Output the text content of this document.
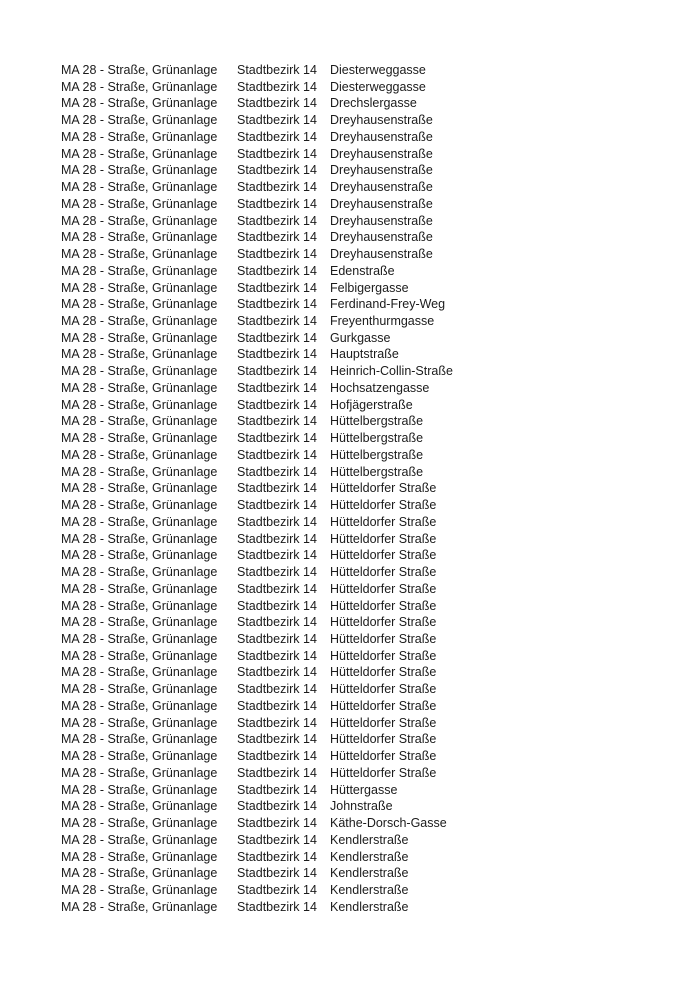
MA 28 - Straße, Grünanlage	Stadtbezirk 14	Diesterweggasse
MA 28 - Straße, Grünanlage	Stadtbezirk 14	Diesterweggasse
MA 28 - Straße, Grünanlage	Stadtbezirk 14	Drechslergasse
MA 28 - Straße, Grünanlage	Stadtbezirk 14	Dreyhausenstraße
MA 28 - Straße, Grünanlage	Stadtbezirk 14	Dreyhausenstraße
MA 28 - Straße, Grünanlage	Stadtbezirk 14	Dreyhausenstraße
MA 28 - Straße, Grünanlage	Stadtbezirk 14	Dreyhausenstraße
MA 28 - Straße, Grünanlage	Stadtbezirk 14	Dreyhausenstraße
MA 28 - Straße, Grünanlage	Stadtbezirk 14	Dreyhausenstraße
MA 28 - Straße, Grünanlage	Stadtbezirk 14	Dreyhausenstraße
MA 28 - Straße, Grünanlage	Stadtbezirk 14	Dreyhausenstraße
MA 28 - Straße, Grünanlage	Stadtbezirk 14	Dreyhausenstraße
MA 28 - Straße, Grünanlage	Stadtbezirk 14	Edenstraße
MA 28 - Straße, Grünanlage	Stadtbezirk 14	Felbigergasse
MA 28 - Straße, Grünanlage	Stadtbezirk 14	Ferdinand-Frey-Weg
MA 28 - Straße, Grünanlage	Stadtbezirk 14	Freyenthurmgasse
MA 28 - Straße, Grünanlage	Stadtbezirk 14	Gurkgasse
MA 28 - Straße, Grünanlage	Stadtbezirk 14	Hauptstraße
MA 28 - Straße, Grünanlage	Stadtbezirk 14	Heinrich-Collin-Straße
MA 28 - Straße, Grünanlage	Stadtbezirk 14	Hochsatzengasse
MA 28 - Straße, Grünanlage	Stadtbezirk 14	Hofjägerstraße
MA 28 - Straße, Grünanlage	Stadtbezirk 14	Hüttelbergstraße
MA 28 - Straße, Grünanlage	Stadtbezirk 14	Hüttelbergstraße
MA 28 - Straße, Grünanlage	Stadtbezirk 14	Hüttelbergstraße
MA 28 - Straße, Grünanlage	Stadtbezirk 14	Hüttelbergstraße
MA 28 - Straße, Grünanlage	Stadtbezirk 14	Hütteldorfer Straße
MA 28 - Straße, Grünanlage	Stadtbezirk 14	Hütteldorfer Straße
MA 28 - Straße, Grünanlage	Stadtbezirk 14	Hütteldorfer Straße
MA 28 - Straße, Grünanlage	Stadtbezirk 14	Hütteldorfer Straße
MA 28 - Straße, Grünanlage	Stadtbezirk 14	Hütteldorfer Straße
MA 28 - Straße, Grünanlage	Stadtbezirk 14	Hütteldorfer Straße
MA 28 - Straße, Grünanlage	Stadtbezirk 14	Hütteldorfer Straße
MA 28 - Straße, Grünanlage	Stadtbezirk 14	Hütteldorfer Straße
MA 28 - Straße, Grünanlage	Stadtbezirk 14	Hütteldorfer Straße
MA 28 - Straße, Grünanlage	Stadtbezirk 14	Hütteldorfer Straße
MA 28 - Straße, Grünanlage	Stadtbezirk 14	Hütteldorfer Straße
MA 28 - Straße, Grünanlage	Stadtbezirk 14	Hütteldorfer Straße
MA 28 - Straße, Grünanlage	Stadtbezirk 14	Hütteldorfer Straße
MA 28 - Straße, Grünanlage	Stadtbezirk 14	Hütteldorfer Straße
MA 28 - Straße, Grünanlage	Stadtbezirk 14	Hütteldorfer Straße
MA 28 - Straße, Grünanlage	Stadtbezirk 14	Hütteldorfer Straße
MA 28 - Straße, Grünanlage	Stadtbezirk 14	Hütteldorfer Straße
MA 28 - Straße, Grünanlage	Stadtbezirk 14	Hütteldorfer Straße
MA 28 - Straße, Grünanlage	Stadtbezirk 14	Hüttergasse
MA 28 - Straße, Grünanlage	Stadtbezirk 14	Johnstraße
MA 28 - Straße, Grünanlage	Stadtbezirk 14	Käthe-Dorsch-Gasse
MA 28 - Straße, Grünanlage	Stadtbezirk 14	Kendlerstraße
MA 28 - Straße, Grünanlage	Stadtbezirk 14	Kendlerstraße
MA 28 - Straße, Grünanlage	Stadtbezirk 14	Kendlerstraße
MA 28 - Straße, Grünanlage	Stadtbezirk 14	Kendlerstraße
MA 28 - Straße, Grünanlage	Stadtbezirk 14	Kendlerstraße
